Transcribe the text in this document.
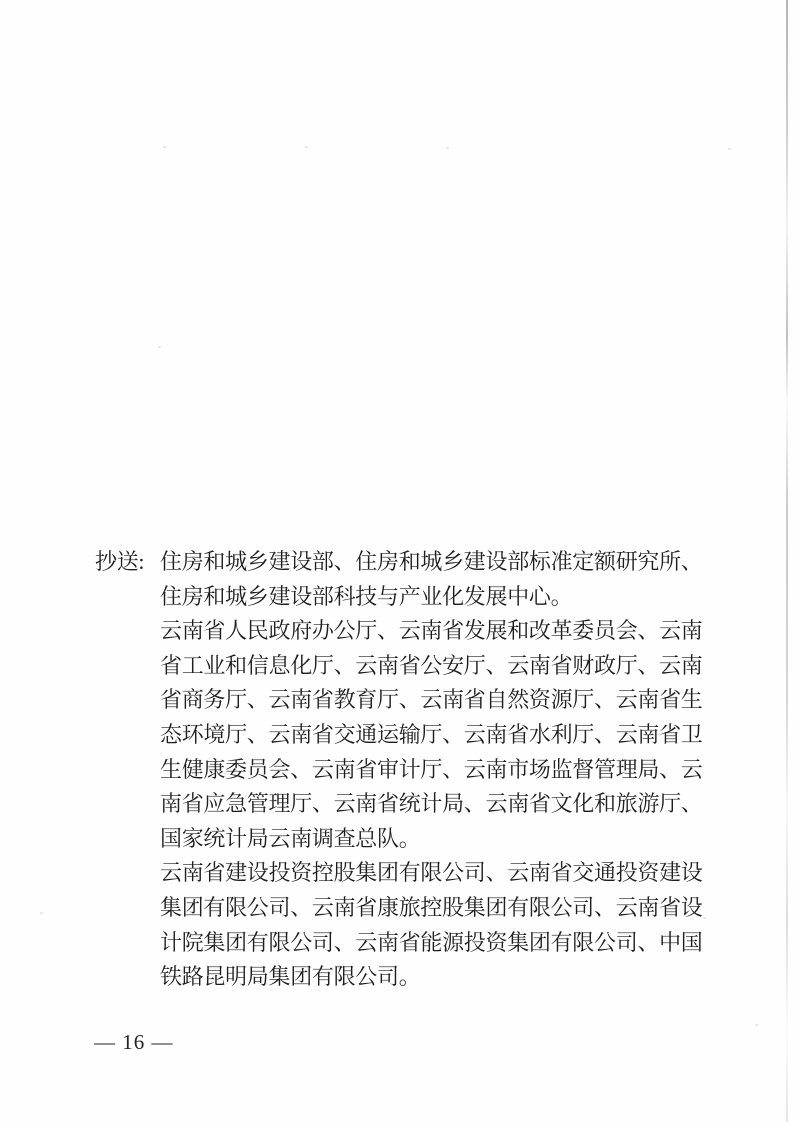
抄送: 住房和城乡建设部、住房和城乡建设部标准定额研究所、
住房和城乡建设部科技与产业化发展中心。
云南省人民政府办公厅、云南省发展和改革委员会、云南
省工业和信息化厅、云南省公安厅、云南省财政厅、云南
省商务厅、云南省教育厅、云南省自然资源厅、云南省生
态环境厅、云南省交通运输厅、云南省水利厅、云南省卫
生健康委员会、云南省审计厅、云南市场监督管理局、云
南省应急管理厅、云南省统计局、云南省文化和旅游厅、
国家统计局云南调查总队。
云南省建设投资控股集团有限公司、云南省交通投资建设
集团有限公司、云南省康旅控股集团有限公司、云南省设
计院集团有限公司、云南省能源投资集团有限公司、中国
铁路昆明局集团有限公司。
— 16 —
